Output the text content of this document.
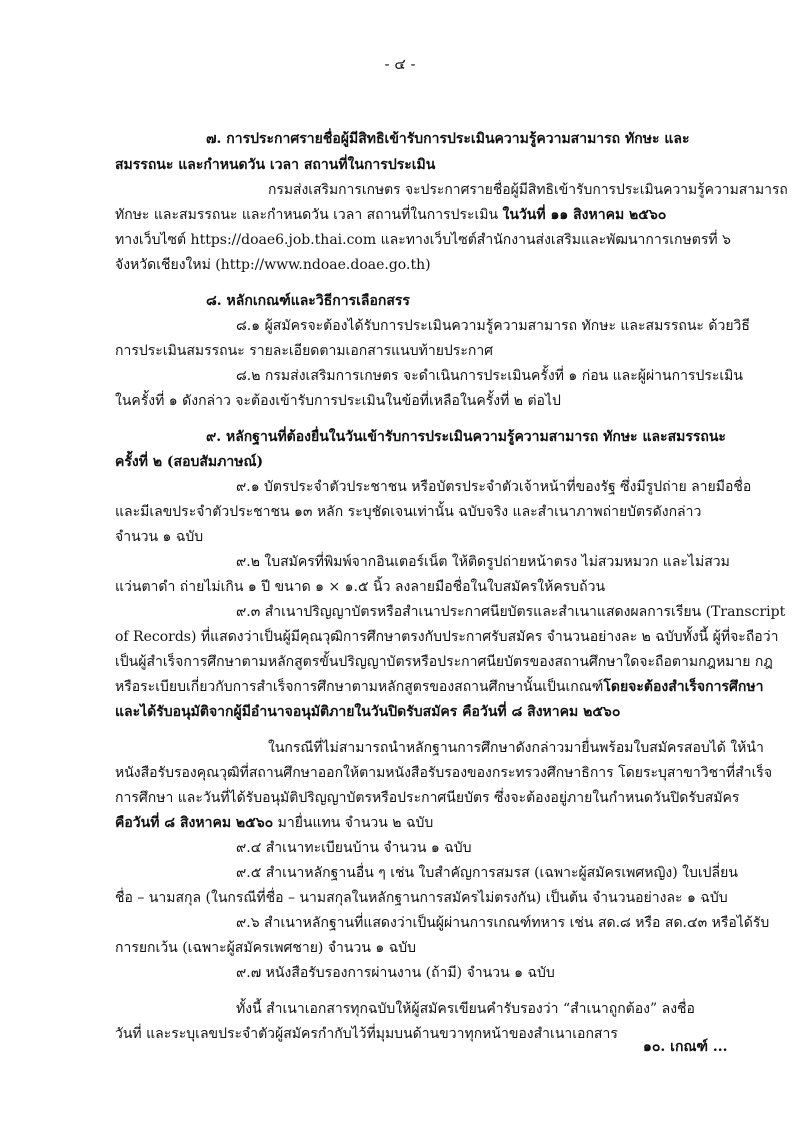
- ๔ -
๗. การประกาศรายชื่อผู้มีสิทธิเข้ารับการประเมินความรู้ความสามารถ ทักษะ และ
สมรรถนะ และกำหนดวัน เวลา สถานที่ในการประเมิน
กรมส่งเสริมการเกษตร จะประกาศรายชื่อผู้มีสิทธิเข้ารับการประเมินความรู้ความสามารถ
ทักษะ และสมรรถนะ และกำหนดวัน เวลา สถานที่ในการประเมิน ในวันที่ ๑๑ สิงหาคม ๒๕๖๐
ทางเว็บไซต์ https://doae6.job.thai.com และทางเว็บไซต์สำนักงานส่งเสริมและพัฒนาการเกษตรที่ ๖
จังหวัดเชียงใหม่ (http://www.ndoae.doae.go.th)
๘. หลักเกณฑ์และวิธีการเลือกสรร
๘.๑ ผู้สมัครจะต้องได้รับการประเมินความรู้ความสามารถ ทักษะ และสมรรถนะ ด้วยวิธี
การประเมินสมรรถนะ รายละเอียดตามเอกสารแนบท้ายประกาศ
๘.๒ กรมส่งเสริมการเกษตร จะดำเนินการประเมินครั้งที่ ๑ ก่อน และผู้ผ่านการประเมิน
ในครั้งที่ ๑ ดังกล่าว จะต้องเข้ารับการประเมินในข้อที่เหลือในครั้งที่ ๒ ต่อไป
๙. หลักฐานที่ต้องยื่นในวันเข้ารับการประเมินความรู้ความสามารถ ทักษะ และสมรรถนะ
ครั้งที่ ๒ (สอบสัมภาษณ์)
๙.๑ บัตรประจำตัวประชาชน หรือบัตรประจำตัวเจ้าหน้าที่ของรัฐ ซึ่งมีรูปถ่าย ลายมือชื่อ
และมีเลขประจำตัวประชาชน ๑๓ หลัก ระบุชัดเจนเท่านั้น ฉบับจริง และสำเนาภาพถ่ายบัตรดังกล่าว
จำนวน ๑ ฉบับ
๙.๒ ใบสมัครที่พิมพ์จากอินเตอร์เน็ต ให้ติดรูปถ่ายหน้าตรง ไม่สวมหมวก และไม่สวม
แว่นตาดำ ถ่ายไม่เกิน ๑ ปี ขนาด ๑ × ๑.๕ นิ้ว ลงลายมือชื่อในใบสมัครให้ครบถ้วน
๙.๓ สำเนาปริญญาบัตรหรือสำเนาประกาศนียบัตรและสำเนาแสดงผลการเรียน (Transcript
of Records) ที่แสดงว่าเป็นผู้มีคุณวุฒิการศึกษาตรงกับประกาศรับสมัคร จำนวนอย่างละ ๒ ฉบับทั้งนี้ ผู้ที่จะถือว่า
เป็นผู้สำเร็จการศึกษาตามหลักสูตรขั้นปริญญาบัตรหรือประกาศนียบัตรของสถานศึกษาใดจะถือตามกฎหมาย กฎ
หรือระเบียบเกี่ยวกับการสำเร็จการศึกษาตามหลักสูตรของสถานศึกษานั้นเป็นเกณฑ์โดยจะต้องสำเร็จการศึกษา
และได้รับอนุมัติจากผู้มีอำนาจอนุมัติภายในวันปิดรับสมัคร คือวันที่ ๘ สิงหาคม ๒๕๖๐
ในกรณีที่ไม่สามารถนำหลักฐานการศึกษาดังกล่าวมายื่นพร้อมใบสมัครสอบได้ ให้นำ
หนังสือรับรองคุณวุฒิที่สถานศึกษาออกให้ตามหนังสือรับรองของกระทรวงศึกษาธิการ โดยระบุสาขาวิชาที่สำเร็จ
การศึกษา และวันที่ได้รับอนุมัติปริญญาบัตรหรือประกาศนียบัตร ซึ่งจะต้องอยู่ภายในกำหนดวันปิดรับสมัคร
คือวันที่ ๘ สิงหาคม ๒๕๖๐ มายื่นแทน จำนวน ๒ ฉบับ
๙.๔ สำเนาทะเบียนบ้าน จำนวน ๑ ฉบับ
๙.๕ สำเนาหลักฐานอื่น ๆ เช่น ใบสำคัญการสมรส (เฉพาะผู้สมัครเพศหญิง) ใบเปลี่ยน
ชื่อ – นามสกุล (ในกรณีที่ชื่อ – นามสกุลในหลักฐานการสมัครไม่ตรงกัน) เป็นต้น จำนวนอย่างละ ๑ ฉบับ
๙.๖ สำเนาหลักฐานที่แสดงว่าเป็นผู้ผ่านการเกณฑ์ทหาร เช่น สด.๘ หรือ สด.๔๓ หรือได้รับ
การยกเว้น (เฉพาะผู้สมัครเพศชาย) จำนวน ๑ ฉบับ
๙.๗ หนังสือรับรองการผ่านงาน (ถ้ามี) จำนวน ๑ ฉบับ
ทั้งนี้ สำเนาเอกสารทุกฉบับให้ผู้สมัครเขียนคำรับรองว่า “สำเนาถูกต้อง” ลงชื่อ
วันที่ และระบุเลขประจำตัวผู้สมัครกำกับไว้ที่มุมบนด้านขวาทุกหน้าของสำเนาเอกสาร
๑๐. เกณฑ์ ...
